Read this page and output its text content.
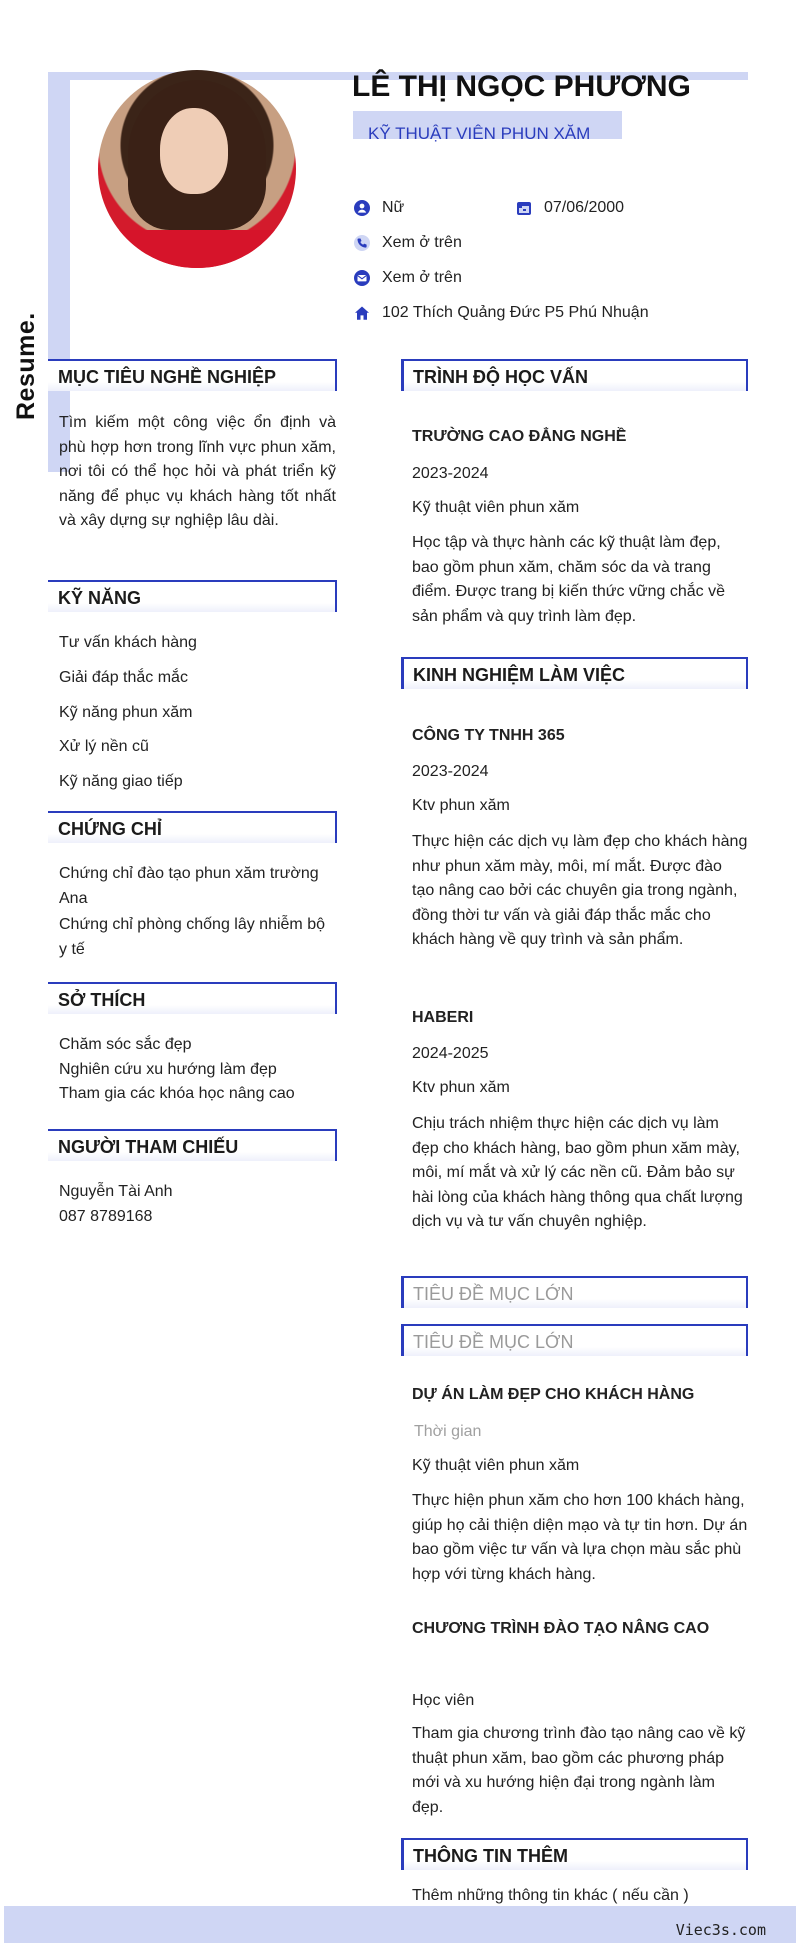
Resume.
LÊ THỊ NGỌC PHƯƠNG
KỸ THUẬT VIÊN PHUN XĂM
Nữ	07/06/2000
Xem ở trên
Xem ở trên
102 Thích Quảng Đức P5 Phú Nhuận
MỤC TIÊU NGHỀ NGHIỆP
Tìm kiếm một công việc ổn định và phù hợp hơn trong lĩnh vực phun xăm, nơi tôi có thể học hỏi và phát triển kỹ năng để phục vụ khách hàng tốt nhất và xây dựng sự nghiệp lâu dài.
KỸ NĂNG
Tư vấn khách hàng
Giải đáp thắc mắc
Kỹ năng phun xăm
Xử lý nền cũ
Kỹ năng giao tiếp
CHỨNG CHỈ
Chứng chỉ đào tạo phun xăm trường Ana
Chứng chỉ phòng chống lây nhiễm bộ y tế
SỞ THÍCH
Chăm sóc sắc đẹp
Nghiên cứu xu hướng làm đẹp
Tham gia các khóa học nâng cao
NGƯỜI THAM CHIẾU
Nguyễn Tài Anh
087 8789168
TRÌNH ĐỘ HỌC VẤN
TRƯỜNG CAO ĐẲNG NGHỀ
2023-2024
Kỹ thuật viên phun xăm
Học tập và thực hành các kỹ thuật làm đẹp, bao gồm phun xăm, chăm sóc da và trang điểm. Được trang bị kiến thức vững chắc về sản phẩm và quy trình làm đẹp.
KINH NGHIỆM LÀM VIỆC
CÔNG TY TNHH 365
2023-2024
Ktv phun xăm
Thực hiện các dịch vụ làm đẹp cho khách hàng như phun xăm mày, môi, mí mắt. Được đào tạo nâng cao bởi các chuyên gia trong ngành, đồng thời tư vấn và giải đáp thắc mắc cho khách hàng về quy trình và sản phẩm.
HABERI
2024-2025
Ktv phun xăm
Chịu trách nhiệm thực hiện các dịch vụ làm đẹp cho khách hàng, bao gồm phun xăm mày, môi, mí mắt và xử lý các nền cũ. Đảm bảo sự hài lòng của khách hàng thông qua chất lượng dịch vụ và tư vấn chuyên nghiệp.
TIÊU ĐỀ MỤC LỚN
TIÊU ĐỀ MỤC LỚN
DỰ ÁN LÀM ĐẸP CHO KHÁCH HÀNG
Thời gian
Kỹ thuật viên phun xăm
Thực hiện phun xăm cho hơn 100 khách hàng, giúp họ cải thiện diện mạo và tự tin hơn. Dự án bao gồm việc tư vấn và lựa chọn màu sắc phù hợp với từng khách hàng.
CHƯƠNG TRÌNH ĐÀO TẠO NÂNG CAO
Học viên
Tham gia chương trình đào tạo nâng cao về kỹ thuật phun xăm, bao gồm các phương pháp mới và xu hướng hiện đại trong ngành làm đẹp.
THÔNG TIN THÊM
Thêm những thông tin khác ( nếu cần )
Viec3s.com
